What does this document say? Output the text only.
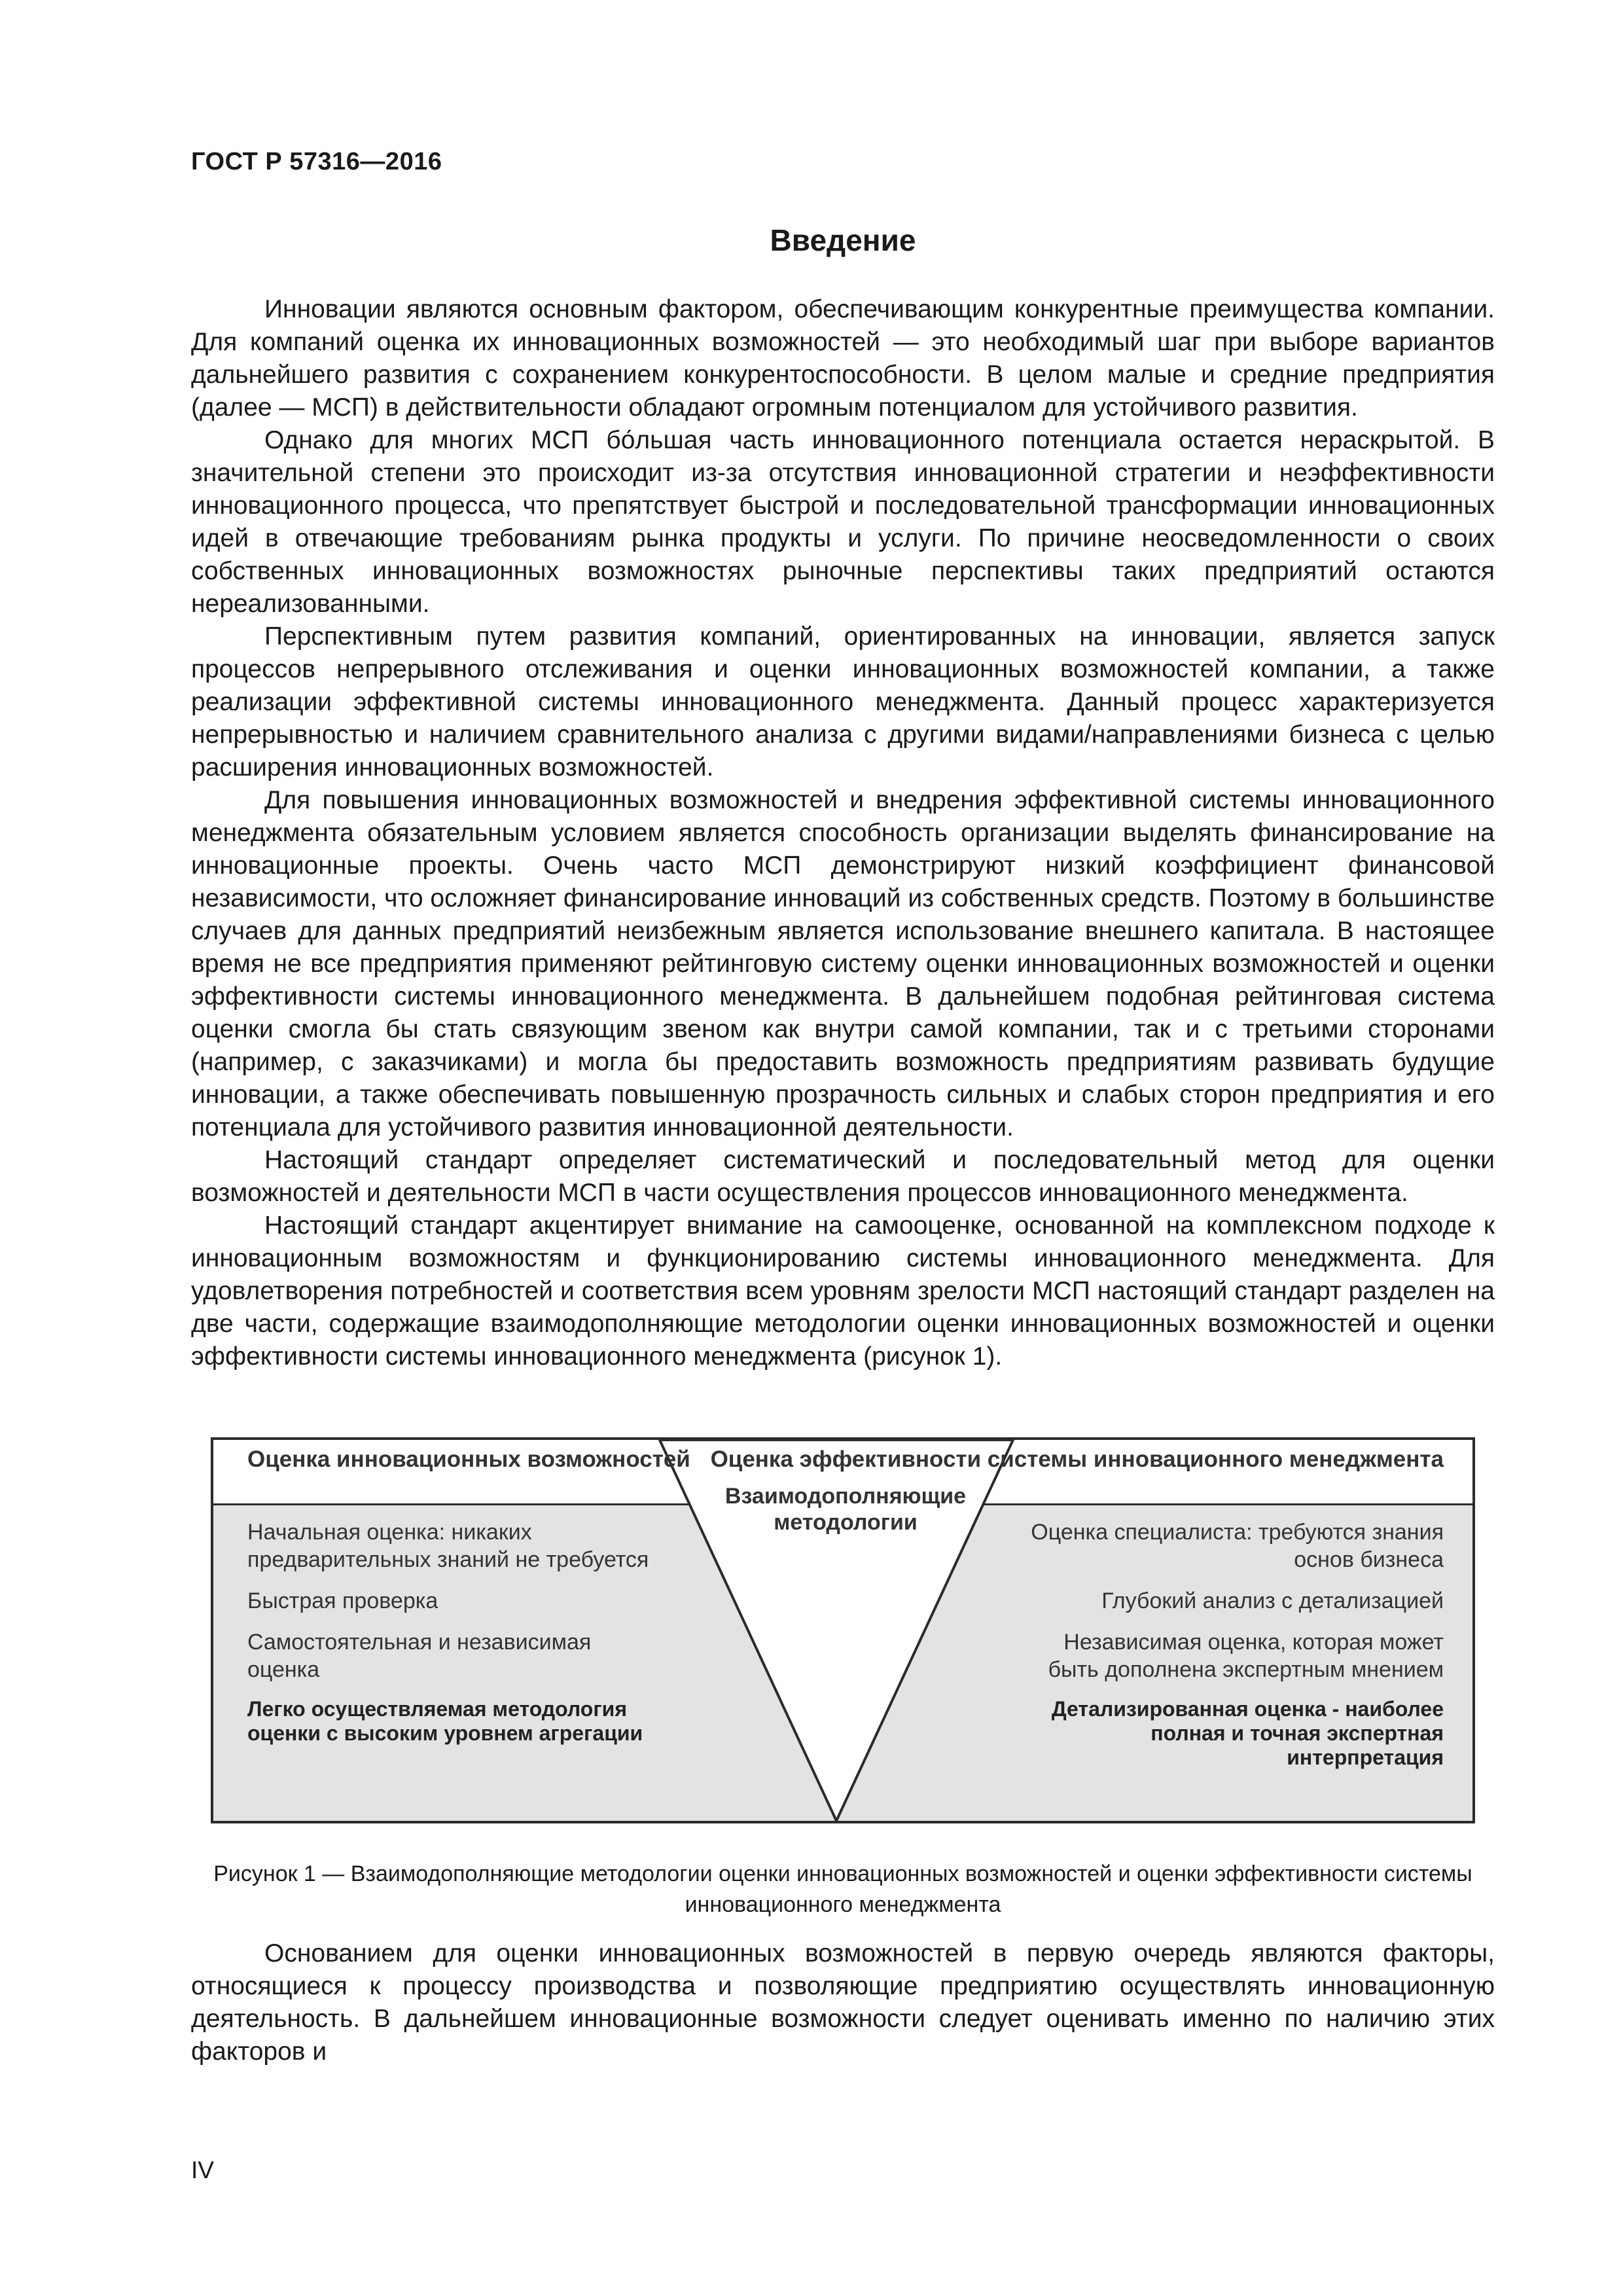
ГОСТ Р 57316—2016
Введение

Инновации являются основным фактором, обеспечивающим конкурентные преимущества компании. Для компаний оценка их инновационных возможностей — это необходимый шаг при выборе вариантов дальнейшего развития с сохранением конкурентоспособности. В целом малые и средние предприятия (далее — МСП) в действительности обладают огромным потенциалом для устойчивого развития.

Однако для многих МСП бо́льшая часть инновационного потенциала остается нераскрытой. В значительной степени это происходит из-за отсутствия инновационной стратегии и неэффективности инновационного процесса, что препятствует быстрой и последовательной трансформации инновационных идей в отвечающие требованиям рынка продукты и услуги. По причине неосведомленности о своих собственных инновационных возможностях рыночные перспективы таких предприятий остаются нереализованными.

Перспективным путем развития компаний, ориентированных на инновации, является запуск процессов непрерывного отслеживания и оценки инновационных возможностей компании, а также реализации эффективной системы инновационного менеджмента. Данный процесс характеризуется непрерывностью и наличием сравнительного анализа с другими видами/направлениями бизнеса с целью расширения инновационных возможностей.

Для повышения инновационных возможностей и внедрения эффективной системы инновационного менеджмента обязательным условием является способность организации выделять финансирование на инновационные проекты. Очень часто МСП демонстрируют низкий коэффициент финансовой независимости, что осложняет финансирование инноваций из собственных средств. Поэтому в большинстве случаев для данных предприятий неизбежным является использование внешнего капитала. В настоящее время не все предприятия применяют рейтинговую систему оценки инновационных возможностей и оценки эффективности системы инновационного менеджмента. В дальнейшем подобная рейтинговая система оценки смогла бы стать связующим звеном как внутри самой компании, так и с третьими сторонами (например, с заказчиками) и могла бы предоставить возможность предприятиям развивать будущие инновации, а также обеспечивать повышенную прозрачность сильных и слабых сторон предприятия и его потенциала для устойчивого развития инновационной деятельности.

Настоящий стандарт определяет систематический и последовательный метод для оценки возможностей и деятельности МСП в части осуществления процессов инновационного менеджмента.

Настоящий стандарт акцентирует внимание на самооценке, основанной на комплексном подходе к инновационным возможностям и функционированию системы инновационного менеджмента. Для удовлетворения потребностей и соответствия всем уровням зрелости МСП настоящий стандарт разделен на две части, содержащие взаимодополняющие методологии оценки инновационных возможностей и оценки эффективности системы инновационного менеджмента (рисунок 1).

Оценка инновационных возможностей Оценка эффективности системы инновационного менеджмента
Взаимодополняющие методологии
Начальная оценка: никаких предварительных знаний не требуется
Быстрая проверка
Самостоятельная и независимая оценка
Легко осуществляемая методология оценки с высоким уровнем агрегации
Оценка специалиста: требуются знания основ бизнеса
Глубокий анализ с детализацией
Независимая оценка, которая может быть дополнена экспертным мнением
Детализированная оценка - наиболее полная и точная экспертная интерпретация
Рисунок 1 — Взаимодополняющие методологии оценки инновационных возможностей и оценки эффективности системы инновационного менеджмента

Основанием для оценки инновационных возможностей в первую очередь являются факторы, относящиеся к процессу производства и позволяющие предприятию осуществлять инновационную деятельность. В дальнейшем инновационные возможности следует оценивать именно по наличию этих факторов и

IV
